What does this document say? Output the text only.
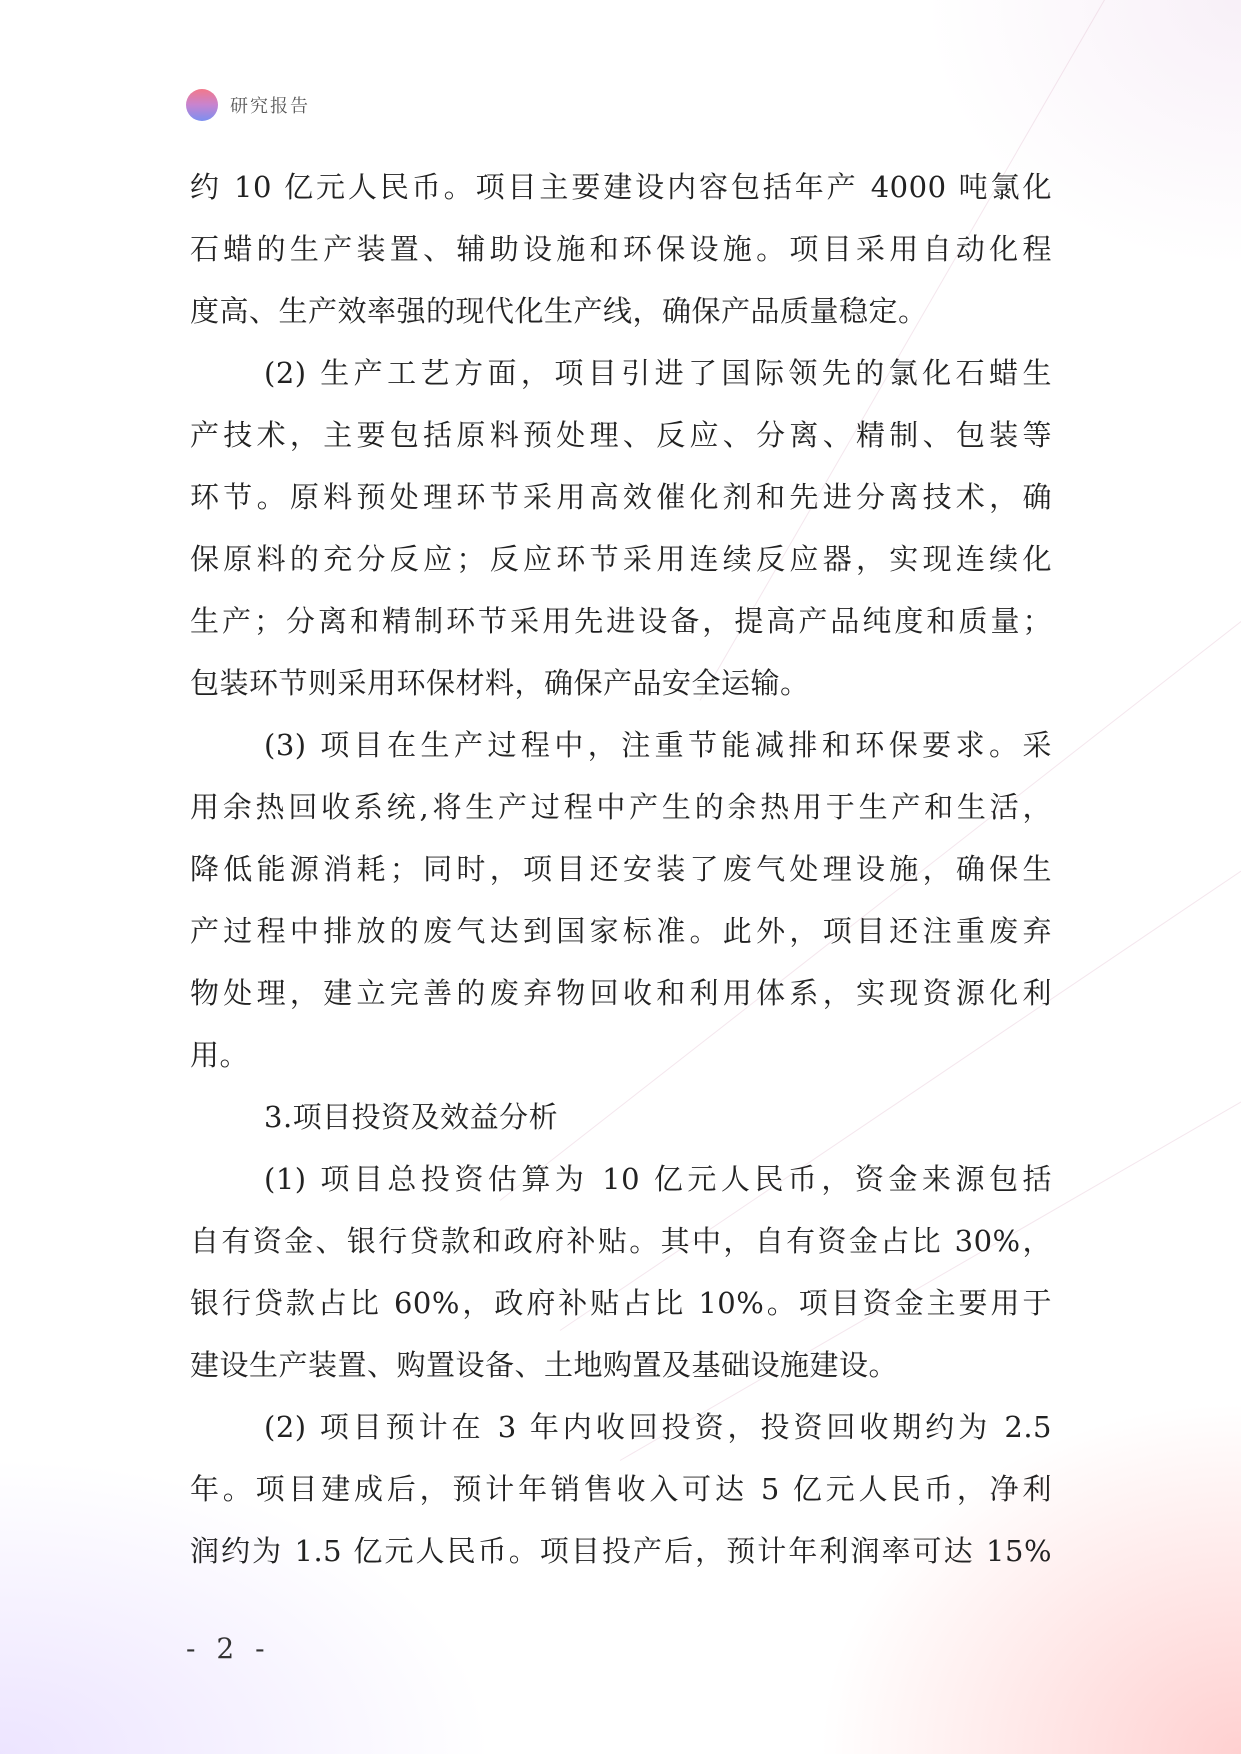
研究报告
约 10 亿元人民币。项目主要建设内容包括年产 4000 吨氯化
石蜡的生产装置、辅助设施和环保设施。项目采用自动化程
度高、生产效率强的现代化生产线，确保产品质量稳定。
(2) 生产工艺方面，项目引进了国际领先的氯化石蜡生
产技术，主要包括原料预处理、反应、分离、精制、包装等
环节。原料预处理环节采用高效催化剂和先进分离技术，确
保原料的充分反应；反应环节采用连续反应器，实现连续化
生产；分离和精制环节采用先进设备，提高产品纯度和质量；
包装环节则采用环保材料，确保产品安全运输。
(3) 项目在生产过程中，注重节能减排和环保要求。采
用余热回收系统,将生产过程中产生的余热用于生产和生活，
降低能源消耗；同时，项目还安装了废气处理设施，确保生
产过程中排放的废气达到国家标准。此外，项目还注重废弃
物处理，建立完善的废弃物回收和利用体系，实现资源化利
用。
3.项目投资及效益分析
(1) 项目总投资估算为 10 亿元人民币，资金来源包括
自有资金、银行贷款和政府补贴。其中，自有资金占比 30%，
银行贷款占比 60%，政府补贴占比 10%。项目资金主要用于
建设生产装置、购置设备、土地购置及基础设施建设。
(2) 项目预计在 3 年内收回投资，投资回收期约为 2.5
年。项目建成后，预计年销售收入可达 5 亿元人民币，净利
润约为 1.5 亿元人民币。项目投产后，预计年利润率可达 15%
- 2 -
